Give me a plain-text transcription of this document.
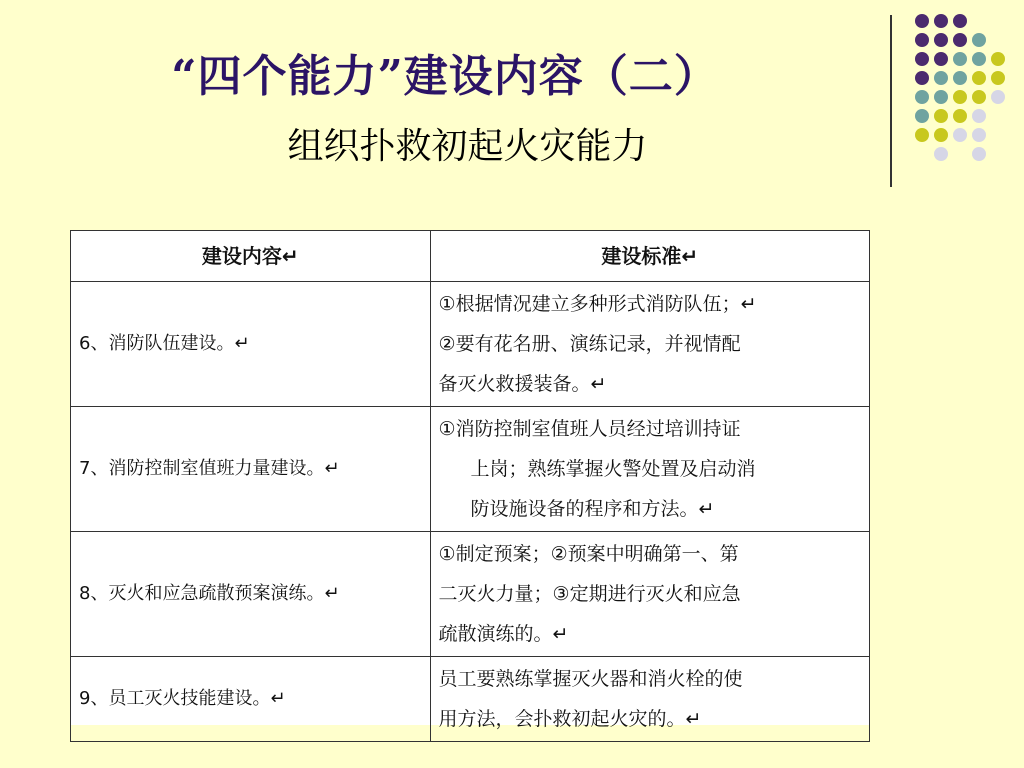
“四个能力”建设内容（二）
组织扑救初起火灾能力
建设内容↵	建设标准↵
6、消防队伍建设。↵	①根据情况建立多种形式消防队伍；↵
②要有花名册、演练记录，并视情配
备灭火救援装备。↵

7、消防控制室值班力量建设。↵	①消防控制室值班人员经过培训持证
上岗；熟练掌握火警处置及启动消 防设施设备的程序和方法。↵
8、灭火和应急疏散预案演练。↵	①制定预案；②预案中明确第一、第
二灭火力量；③定期进行灭火和应急
疏散演练的。↵

9、员工灭火技能建设。↵	员工要熟练掌握灭火器和消火栓的使
用方法，会扑救初起火灾的。↵
